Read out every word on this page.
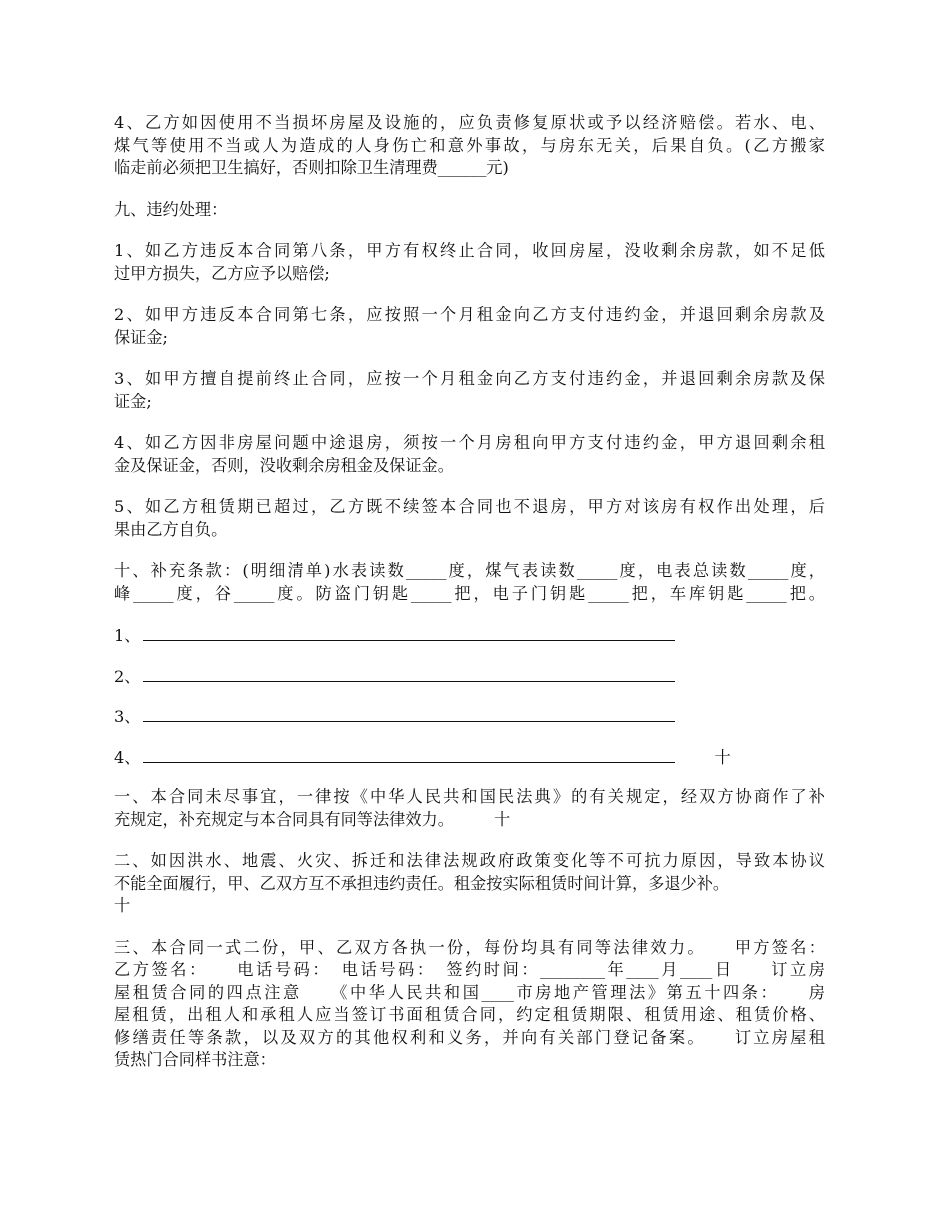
4、乙方如因使用不当损坏房屋及设施的，应负责修复原状或予以经济赔偿。若水、电、
煤气等使用不当或人为造成的人身伤亡和意外事故，与房东无关，后果自负。(乙方搬家
临走前必须把卫生搞好，否则扣除卫生清理费______元)
九、违约处理：
1、如乙方违反本合同第八条，甲方有权终止合同，收回房屋，没收剩余房款，如不足低
过甲方损失，乙方应予以赔偿;
2、如甲方违反本合同第七条，应按照一个月租金向乙方支付违约金，并退回剩余房款及
保证金;
3、如甲方擅自提前终止合同，应按一个月租金向乙方支付违约金，并退回剩余房款及保
证金;
4、如乙方因非房屋问题中途退房，须按一个月房租向甲方支付违约金，甲方退回剩余租
金及保证金，否则，没收剩余房租金及保证金。
5、如乙方租赁期已超过，乙方既不续签本合同也不退房，甲方对该房有权作出处理，后
果由乙方自负。
十、补充条款：(明细清单)水表读数_____度，煤气表读数_____度，电表总读数_____度，
峰_____度，谷_____度。防盗门钥匙_____把，电子门钥匙_____把，车库钥匙_____把。
1、
2、
3、
4、	十
一、本合同未尽事宜，一律按《中华人民共和国民法典》的有关规定，经双方协商作了补
充规定，补充规定与本合同具有同等法律效力。 十
二、如因洪水、地震、火灾、拆迁和法律法规政府政策变化等不可抗力原因，导致本协议
不能全面履行，甲、乙双方互不承担违约责任。租金按实际租赁时间计算，多退少补。
十
三、本合同一式二份，甲、乙双方各执一份，每份均具有同等法律效力。　　甲方签名：
乙方签名：　　电话号码：　电话号码：　签约时间：________年____月____日　　订立房
屋租赁合同的四点注意　　《中华人民共和国____市房地产管理法》第五十四条：　　房
屋租赁，出租人和承租人应当签订书面租赁合同，约定租赁期限、租赁用途、租赁价格、
修缮责任等条款，以及双方的其他权利和义务，并向有关部门登记备案。　　订立房屋租
赁热门合同样书注意：
